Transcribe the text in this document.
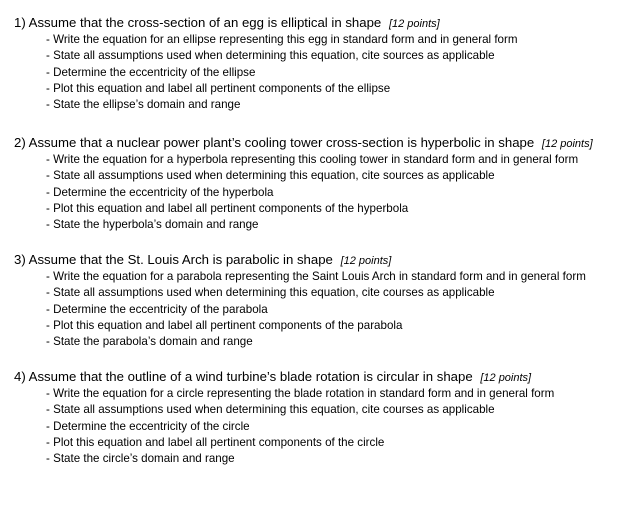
1) Assume that the cross-section of an egg is elliptical in shape [12 points]
- Write the equation for an ellipse representing this egg in standard form and in general form
- State all assumptions used when determining this equation, cite sources as applicable
- Determine the eccentricity of the ellipse
- Plot this equation and label all pertinent components of the ellipse
- State the ellipse’s domain and range
2) Assume that a nuclear power plant’s cooling tower cross-section is hyperbolic in shape [12 points]
- Write the equation for a hyperbola representing this cooling tower in standard form and in general form
- State all assumptions used when determining this equation, cite sources as applicable
- Determine the eccentricity of the hyperbola
- Plot this equation and label all pertinent components of the hyperbola
- State the hyperbola’s domain and range
3) Assume that the St. Louis Arch is parabolic in shape [12 points]
- Write the equation for a parabola representing the Saint Louis Arch in standard form and in general form
- State all assumptions used when determining this equation, cite courses as applicable
- Determine the eccentricity of the parabola
- Plot this equation and label all pertinent components of the parabola
- State the parabola’s domain and range
4) Assume that the outline of a wind turbine’s blade rotation is circular in shape [12 points]
- Write the equation for a circle representing the blade rotation in standard form and in general form
- State all assumptions used when determining this equation, cite courses as applicable
- Determine the eccentricity of the circle
- Plot this equation and label all pertinent components of the circle
- State the circle’s domain and range
